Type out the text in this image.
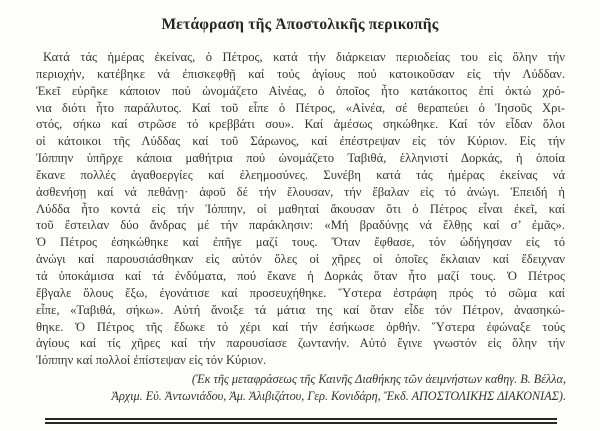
Μετάφραση τῆς Ἀποστολικῆς περικοπῆς
Κατά τάς ἡμέρας ἐκείνας, ὁ Πέτρος, κατά τήν διάρκειαν περιοδείας του εἰς ὅλην τήν
περιοχήν, κατέβηκε νά ἐπισκεφθῇ καί τούς ἁγίους πού κατοικοῦσαν εἰς τήν Λύδδαν.
Ἐκεῖ εὑρῆκε κάποιον πού ὠνομάζετο Αἰνέας, ὁ ὁποῖος ἦτο κατάκοιτος ἐπί ὀκτώ χρό-
νια διότι ἦτο παράλυτος. Καί τοῦ εἶπε ὁ Πέτρος, «Αἰνέα, σέ θεραπεύει ὁ Ἰησοῦς Χρι-
στός, σήκω καί στρῶσε τό κρεββάτι σου». Καί ἀμέσως σηκώθηκε. Καί τόν εἶδαν ὅλοι
οἱ κάτοικοι τῆς Λύδδας καί τοῦ Σάρωνος, καί ἐπέστρεψαν εἰς τόν Κύριον. Εἰς τήν
Ἰόππην ὑπῆρχε κάποια μαθήτρια πού ὠνομάζετο Ταβιθά, ἑλληνιστί Δορκάς, ἡ ὁποία
ἔκανε πολλές ἀγαθοεργίες καί ἐλεημοσύνες. Συνέβη κατά τάς ἡμέρας ἐκείνας νά
ἀσθενήσῃ καί νά πεθάνῃ· ἀφοῦ δέ τήν ἔλουσαν, τήν ἔβαλαν εἰς τό ἀνώγι. Ἐπειδή ἡ
Λύδδα ἦτο κοντά εἰς τήν Ἰόππην, οἱ μαθηταί ἄκουσαν ὅτι ὁ Πέτρος εἶναι ἐκεῖ, καί
τοῦ ἔστειλαν δύο ἄνδρας μέ τήν παράκλησιν: «Μή βραδύνῃς νά ἔλθῃς καί σ’ ἐμᾶς».
Ὁ Πέτρος ἐσηκώθηκε καί ἐπῆγε μαζί τους. Ὅταν ἔφθασε, τόν ὡδήγησαν εἰς τό
ἀνώγι καί παρουσιάσθηκαν εἰς αὐτόν ὅλες οἱ χῆρες οἱ ὁποῖες ἔκλαιαν καί ἔδειχναν
τά ὑποκάμισα καί τά ἐνδύματα, πού ἔκανε ἡ Δορκάς ὅταν ἦτο μαζί τους. Ὁ Πέτρος
ἔβγαλε ὅλους ἔξω, ἐγονάτισε καί προσευχήθηκε. Ὕστερα ἐστράφη πρός τό σῶμα καί
εἶπε, «Ταβιθά, σήκω». Αὐτή ἄνοιξε τά μάτια της καί ὅταν εἶδε τόν Πέτρον, ἀνασηκώ-
θηκε. Ὁ Πέτρος τῆς ἔδωκε τό χέρι καί τήν ἐσήκωσε ὀρθήν. Ὕστερα ἐφώναξε τούς
ἁγίους καί τίς χῆρες καί τήν παρουσίασε ζωντανήν. Αὐτό ἔγινε γνωστόν εἰς ὅλην τήν
Ἰόππην καί πολλοί ἐπίστεψαν εἰς τόν Κύριον.
(Ἐκ τῆς μεταφράσεως τῆς Καινῆς Διαθήκης τῶν ἀειμνήστων καθηγ. Β. Βέλλα,
Ἀρχιμ. Εὐ. Ἀντωνιάδου, Ἀμ. Ἀλιβιζάτου, Γερ. Κονιδάρη, Ἔκδ. ΑΠΟΣΤΟΛΙΚΗΣ ΔΙΑΚΟΝΙΑΣ).
